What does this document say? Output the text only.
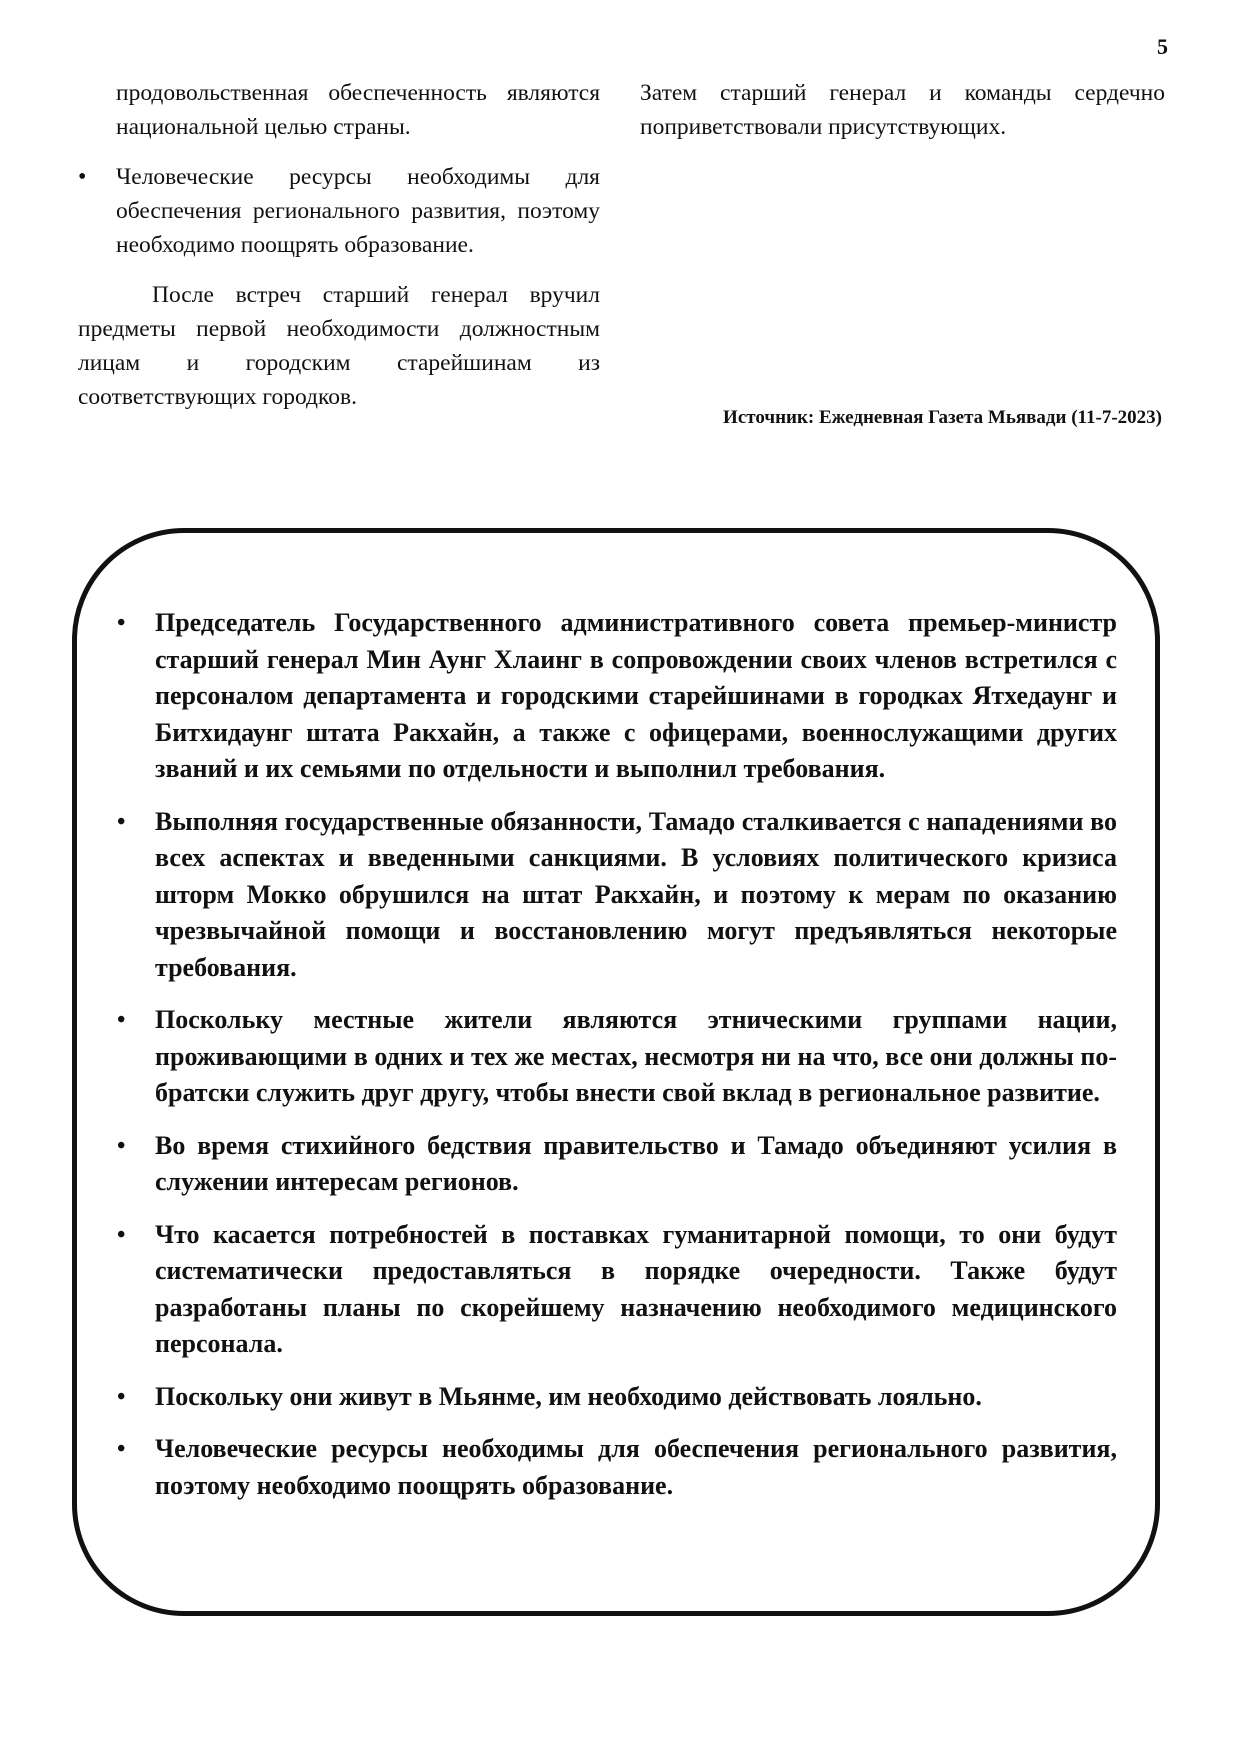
5
продовольственная обеспеченность являются национальной целью страны.
•	Человеческие ресурсы необходимы для обеспечения регионального развития, поэтому необходимо поощрять образование.

После встреч старший генерал вручил предметы первой необходимости должностным лицам и городским старейшинам из соответствующих городков.

Затем старший генерал и команды сердечно поприветствовали присутствующих.

Источник: Ежедневная Газета Мьявади (11-7-2023)
•	Председатель Государственного административного совета премьер-министр старший генерал Мин Аунг Хлаинг в сопровождении своих членов встретился с персоналом департамента и городскими старейшинами в городках Ятхедаунг и Битхидаунг штата Ракхайн, а также с офицерами, военнослужащими других званий и их семьями по отдельности и выполнил требования.
•	Выполняя государственные обязанности, Тамадо сталкивается с нападениями во всех аспектах и введенными санкциями. В условиях политического кризиса шторм Мокко обрушился на штат Ракхайн, и поэтому к мерам по оказанию чрезвычайной помощи и восстановлению могут предъявляться некоторые требования.
•	Поскольку местные жители являются этническими группами нации, проживающими в одних и тех же местах, несмотря ни на что, все они должны по-братски служить друг другу, чтобы внести свой вклад в региональное развитие.
•	Во время стихийного бедствия правительство и Тамадо объединяют усилия в служении интересам регионов.
•	Что касается потребностей в поставках гуманитарной помощи, то они будут систематически предоставляться в порядке очередности. Также будут разработаны планы по скорейшему назначению необходимого медицинского персонала.
•	Поскольку они живут в Мьянме, им необходимо действовать лояльно.
•	Человеческие ресурсы необходимы для обеспечения регионального развития, поэтому необходимо поощрять образование.
